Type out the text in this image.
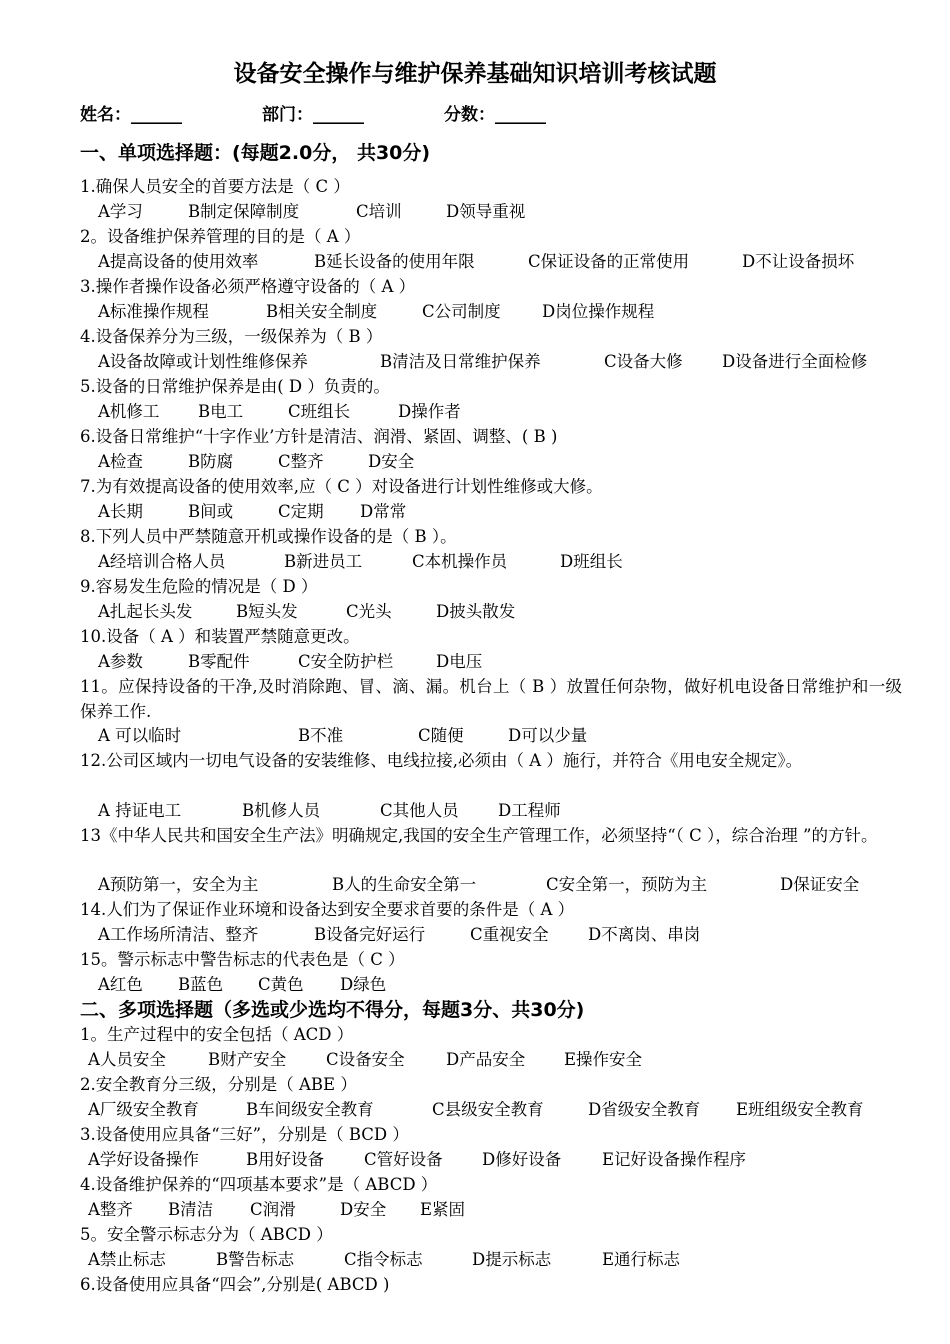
设备安全操作与维护保养基础知识培训考核试题
姓名：______	部门：______	分数：______
一、单项选择题：(每题2.0分， 共30分)
1.确保人员安全的首要方法是（ C ）
A学习	B制定保障制度	C培训	D领导重视
2。设备维护保养管理的目的是（ A ）
A提高设备的使用效率	B延长设备的使用年限	C保证设备的正常使用	D不让设备损坏
3.操作者操作设备必须严格遵守设备的（ A ）
A标准操作规程	B相关安全制度	C公司制度	D岗位操作规程
4.设备保养分为三级，一级保养为（ B ）
A设备故障或计划性维修保养	B清洁及日常维护保养	C设备大修 D设备进行全面检修
5.设备的日常维护保养是由( D ）负责的。
A机修工 B电工	C班组长	D操作者
6.设备日常维护“十字作业’方针是清洁、润滑、紧固、调整、( B )
A检查	B防腐	C整齐	D安全
7.为有效提高设备的使用效率,应（ C ）对设备进行计划性维修或大修。
A长期	B间或	C定期 D常常
8.下列人员中严禁随意开机或操作设备的是（ B ）。
A经培训合格人员	B新进员工	C本机操作员	D班组长
9.容易发生危险的情况是（ D ）
A扎起长头发	B短头发	C光头	D披头散发
10.设备（ A ）和装置严禁随意更改。
A参数	B零配件	C安全防护栏	D电压
11。应保持设备的干净,及时消除跑、冒、滴、漏。机台上（ B ）放置任何杂物，做好机电设备日常维护和一级保养工作.
A 可以临时	B不准	C随便	D可以少量
12.公司区域内一切电气设备的安装维修、电线拉接,必须由（ A ）施行，并符合《用电安全规定》。
A 持证电工	B机修人员	C其他人员 D工程师
13《中华人民共和国安全生产法》明确规定,我国的安全生产管理工作，必须坚持“（ C ），综合治理 ”的方针。
A预防第一，安全为主	B人的生命安全第一	C安全第一，预防为主	D保证安全
14.人们为了保证作业环境和设备达到安全要求首要的条件是（ A ）
A工作场所清洁、整齐	B设备完好运行	C重视安全 D不离岗、串岗
15。警示标志中警告标志的代表色是（ C ）
A红色 B蓝色 C黄色 D绿色
二、多项选择题（多选或少选均不得分，每题3分、共30分)
1。生产过程中的安全包括（ ACD ）
A人员安全	B财产安全 C设备安全	D产品安全 E操作安全
2.安全教育分三级，分别是（ ABE ）
A厂级安全教育	B车间级安全教育	C县级安全教育	D省级安全教育 E班组级安全教育
3.设备使用应具备“三好”，分别是（ BCD ）
A学好设备操作	B用好设备 C管好设备 D修好设备 E记好设备操作程序
4.设备维护保养的“四项基本要求”是（ ABCD ）
A整齐 B清洁 C润滑	D安全 E紧固
5。安全警示标志分为（ ABCD ）
A禁止标志	B警告标志	C指令标志	D提示标志	E通行标志
6.设备使用应具备“四会”,分别是( ABCD )
